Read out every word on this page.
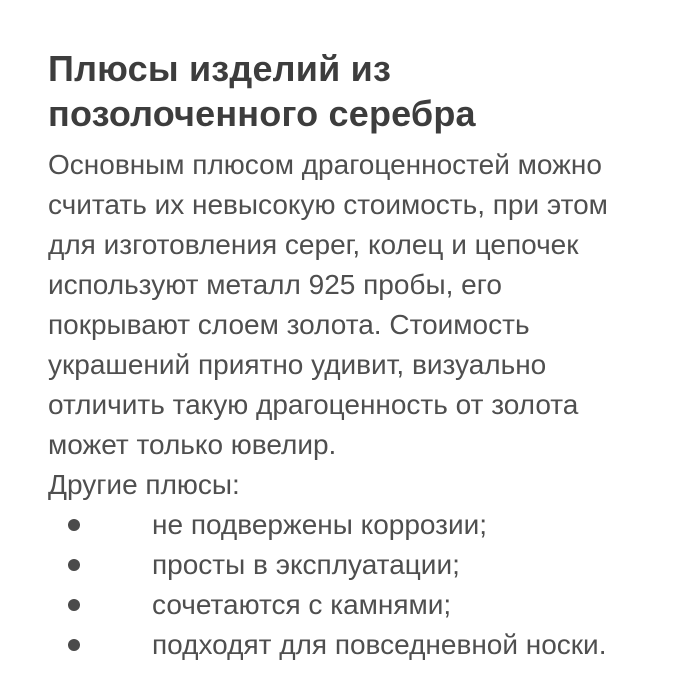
Плюсы изделий из
позолоченного серебра
Основным плюсом драгоценностей можно
считать их невысокую стоимость, при этом
для изготовления серег, колец и цепочек
используют металл 925 пробы, его
покрывают слоем золота. Стоимость
украшений приятно удивит, визуально
отличить такую драгоценность от золота
может только ювелир.
Другие плюсы:
не подвержены коррозии;
просты в эксплуатации;
сочетаются с камнями;
подходят для повседневной носки.
